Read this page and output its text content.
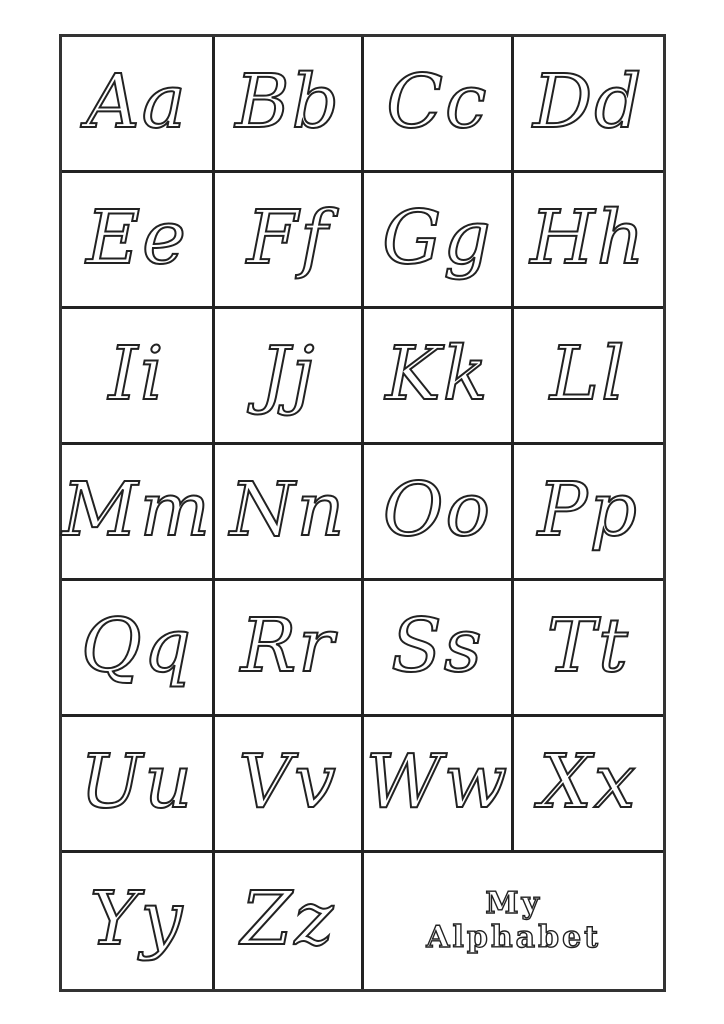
Aa Bb Cc Dd
Ee Ff Gg Hh
Ii Jj Kk Ll
Mm Nn Oo Pp
Qq Rr Ss Tt
Uu Vv Ww Xx
Yy Zz	My
Alphabet
